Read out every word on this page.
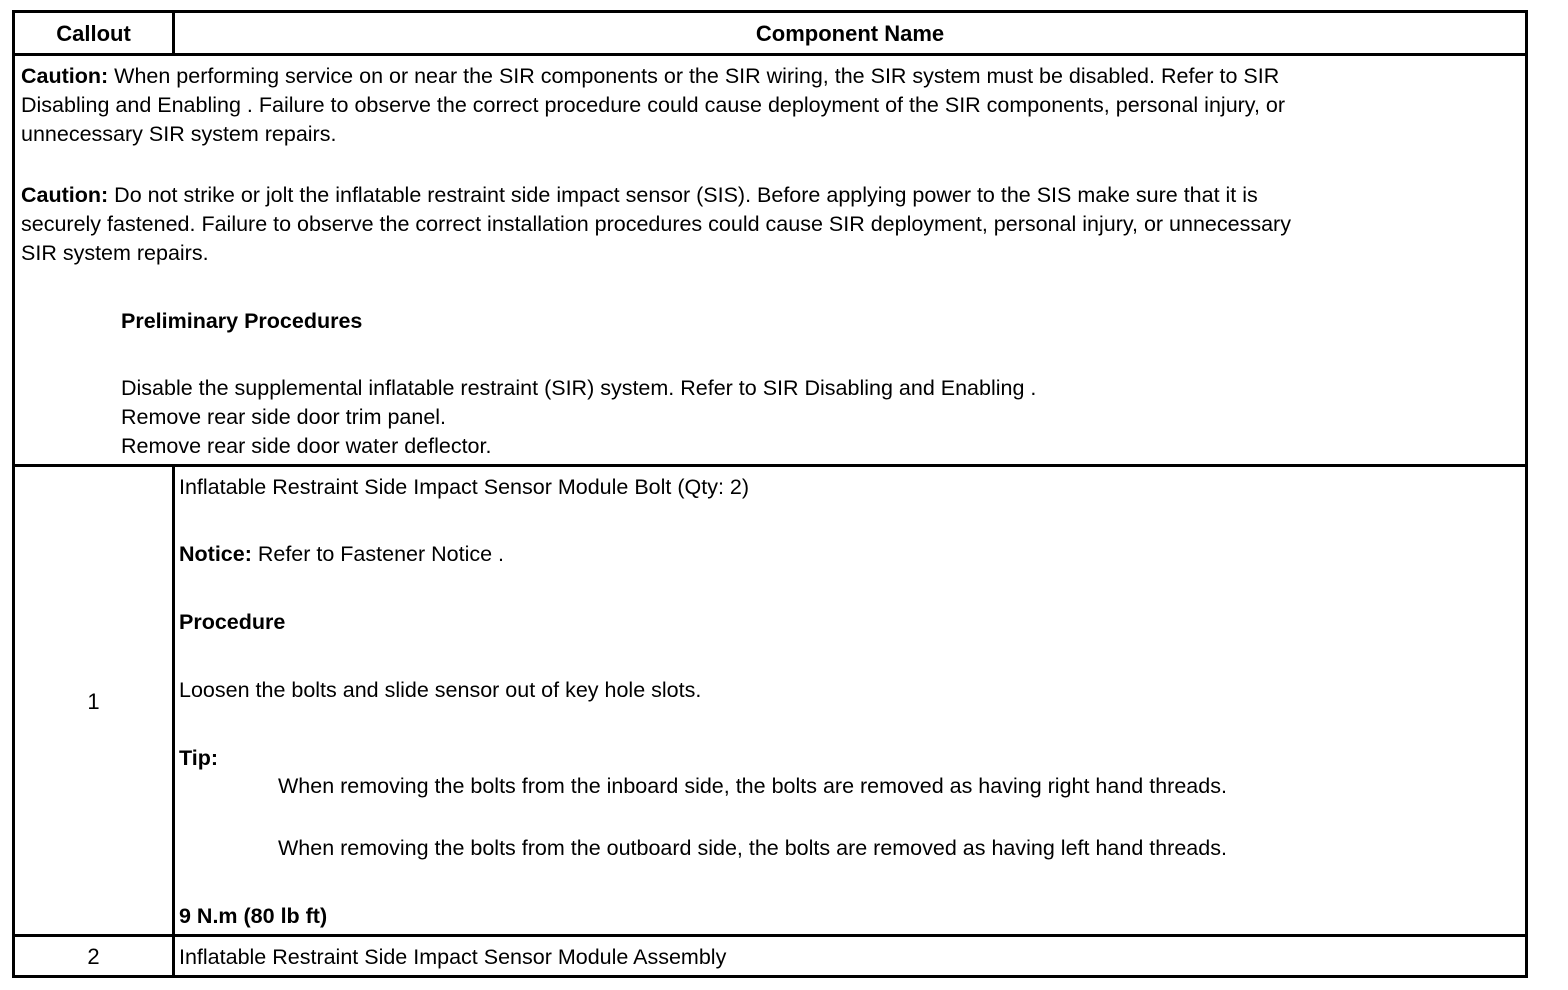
Callout	Component Name
Caution: When performing service on or near the SIR components or the SIR wiring, the SIR system must be disabled. Refer to SIR
Disabling and Enabling . Failure to observe the correct procedure could cause deployment of the SIR components, personal injury, or
unnecessary SIR system repairs.
Caution: Do not strike or jolt the inflatable restraint side impact sensor (SIS). Before applying power to the SIS make sure that it is
securely fastened. Failure to observe the correct installation procedures could cause SIR deployment, personal injury, or unnecessary
SIR system repairs.
Preliminary Procedures
Disable the supplemental inflatable restraint (SIR) system. Refer to SIR Disabling and Enabling .
Remove rear side door trim panel.
Remove rear side door water deflector.
1
Inflatable Restraint Side Impact Sensor Module Bolt (Qty: 2)
Notice: Refer to Fastener Notice .
Procedure
Loosen the bolts and slide sensor out of key hole slots.
Tip:
When removing the bolts from the inboard side, the bolts are removed as having right hand threads.
When removing the bolts from the outboard side, the bolts are removed as having left hand threads.
9 N.m (80 lb ft)
2	Inflatable Restraint Side Impact Sensor Module Assembly
